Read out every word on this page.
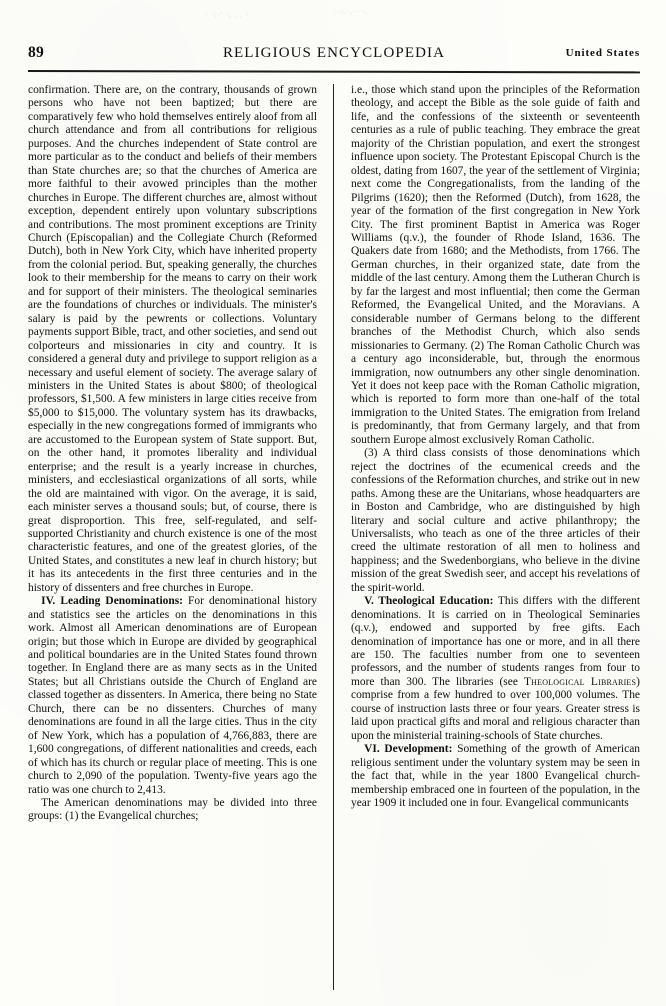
· ·:·' ·, . . ·	.·:.·,·· ·.
89	RELIGIOUS ENCYCLOPEDIA	United States

confirmation. There are, on the contrary, thousands of grown persons who have not been baptized; but there are comparatively few who hold themselves entirely aloof from all church attendance and from all contributions for religious purposes. And the churches independent of State control are more particular as to the conduct and beliefs of their members than State churches are; so that the churches of America are more faithful to their avowed principles than the mother churches in Europe. The different churches are, almost without exception, dependent entirely upon voluntary subscriptions and contributions. The most prominent exceptions are Trinity Church (Episcopalian) and the Collegiate Church (Reformed Dutch), both in New York City, which have inherited property from the colonial period. But, speaking generally, the churches look to their membership for the means to carry on their work and for support of their ministers. The theological seminaries are the foundations of churches or individuals. The minister's salary is paid by the pewrents or collections. Voluntary payments support Bible, tract, and other societies, and send out colporteurs and missionaries in city and country. It is considered a general duty and privilege to support religion as a necessary and useful element of society. The average salary of ministers in the United States is about $800; of theological professors, $1,500. A few ministers in large cities receive from $5,000 to $15,000. The voluntary system has its drawbacks, especially in the new congregations formed of immigrants who are accustomed to the European system of State support. But, on the other hand, it promotes liberality and individual enterprise; and the result is a yearly increase in churches, ministers, and ecclesiastical organizations of all sorts, while the old are maintained with vigor. On the average, it is said, each minister serves a thousand souls; but, of course, there is great disproportion. This free, self-regulated, and self-supported Christianity and church existence is one of the most characteristic features, and one of the greatest glories, of the United States, and constitutes a new leaf in church history; but it has its antecedents in the first three centuries and in the history of dissenters and free churches in Europe.

IV. Leading Denominations: For denominational history and statistics see the articles on the denominations in this work. Almost all American denominations are of European origin; but those which in Europe are divided by geographical and political boundaries are in the United States found thrown together. In England there are as many sects as in the United States; but all Christians outside the Church of England are classed together as dissenters. In America, there being no State Church, there can be no dissenters. Churches of many denominations are found in all the large cities. Thus in the city of New York, which has a population of 4,766,883, there are 1,600 congregations, of different nationalities and creeds, each of which has its church or regular place of meeting. This is one church to 2,090 of the population. Twenty-five years ago the ratio was one church to 2,413.

The American denominations may be divided into three groups: (1) the Evangelical churches;

i.e., those which stand upon the principles of the Reformation theology, and accept the Bible as the sole guide of faith and life, and the confessions of the sixteenth or seventeenth centuries as a rule of public teaching. They embrace the great majority of the Christian population, and exert the strongest influence upon society. The Protestant Episcopal Church is the oldest, dating from 1607, the year of the settlement of Virginia; next come the Congregationalists, from the landing of the Pilgrims (1620); then the Reformed (Dutch), from 1628, the year of the formation of the first congregation in New York City. The first prominent Baptist in America was Roger Williams (q.v.), the founder of Rhode Island, 1636. The Quakers date from 1680; and the Methodists, from 1766. The German churches, in their organized state, date from the middle of the last century. Among them the Lutheran Church is by far the largest and most influential; then come the German Reformed, the Evangelical United, and the Moravians. A considerable number of Germans belong to the different branches of the Methodist Church, which also sends missionaries to Germany. (2) The Roman Catholic Church was a century ago inconsiderable, but, through the enormous immigration, now outnumbers any other single denomination. Yet it does not keep pace with the Roman Catholic migration, which is reported to form more than one-half of the total immigration to the United States. The emigration from Ireland is predominantly, that from Germany largely, and that from southern Europe almost exclusively Roman Catholic.

(3) A third class consists of those denominations which reject the doctrines of the ecumenical creeds and the confessions of the Reformation churches, and strike out in new paths. Among these are the Unitarians, whose headquarters are in Boston and Cambridge, who are distinguished by high literary and social culture and active philanthropy; the Universalists, who teach as one of the three articles of their creed the ultimate restoration of all men to holiness and happiness; and the Swedenborgians, who believe in the divine mission of the great Swedish seer, and accept his revelations of the spirit-world.

V. Theological Education: This differs with the different denominations. It is carried on in Theological Seminaries (q.v.), endowed and supported by free gifts. Each denomination of importance has one or more, and in all there are 150. The faculties number from one to seventeen professors, and the number of students ranges from four to more than 300. The libraries (see Theological Libraries) comprise from a few hundred to over 100,000 volumes. The course of instruction lasts three or four years. Greater stress is laid upon practical gifts and moral and religious character than upon the ministerial training-schools of State churches.

VI. Development: Something of the growth of American religious sentiment under the voluntary system may be seen in the fact that, while in the year 1800 Evangelical church-membership embraced one in fourteen of the population, in the year 1909 it included one in four. Evangelical communicants
